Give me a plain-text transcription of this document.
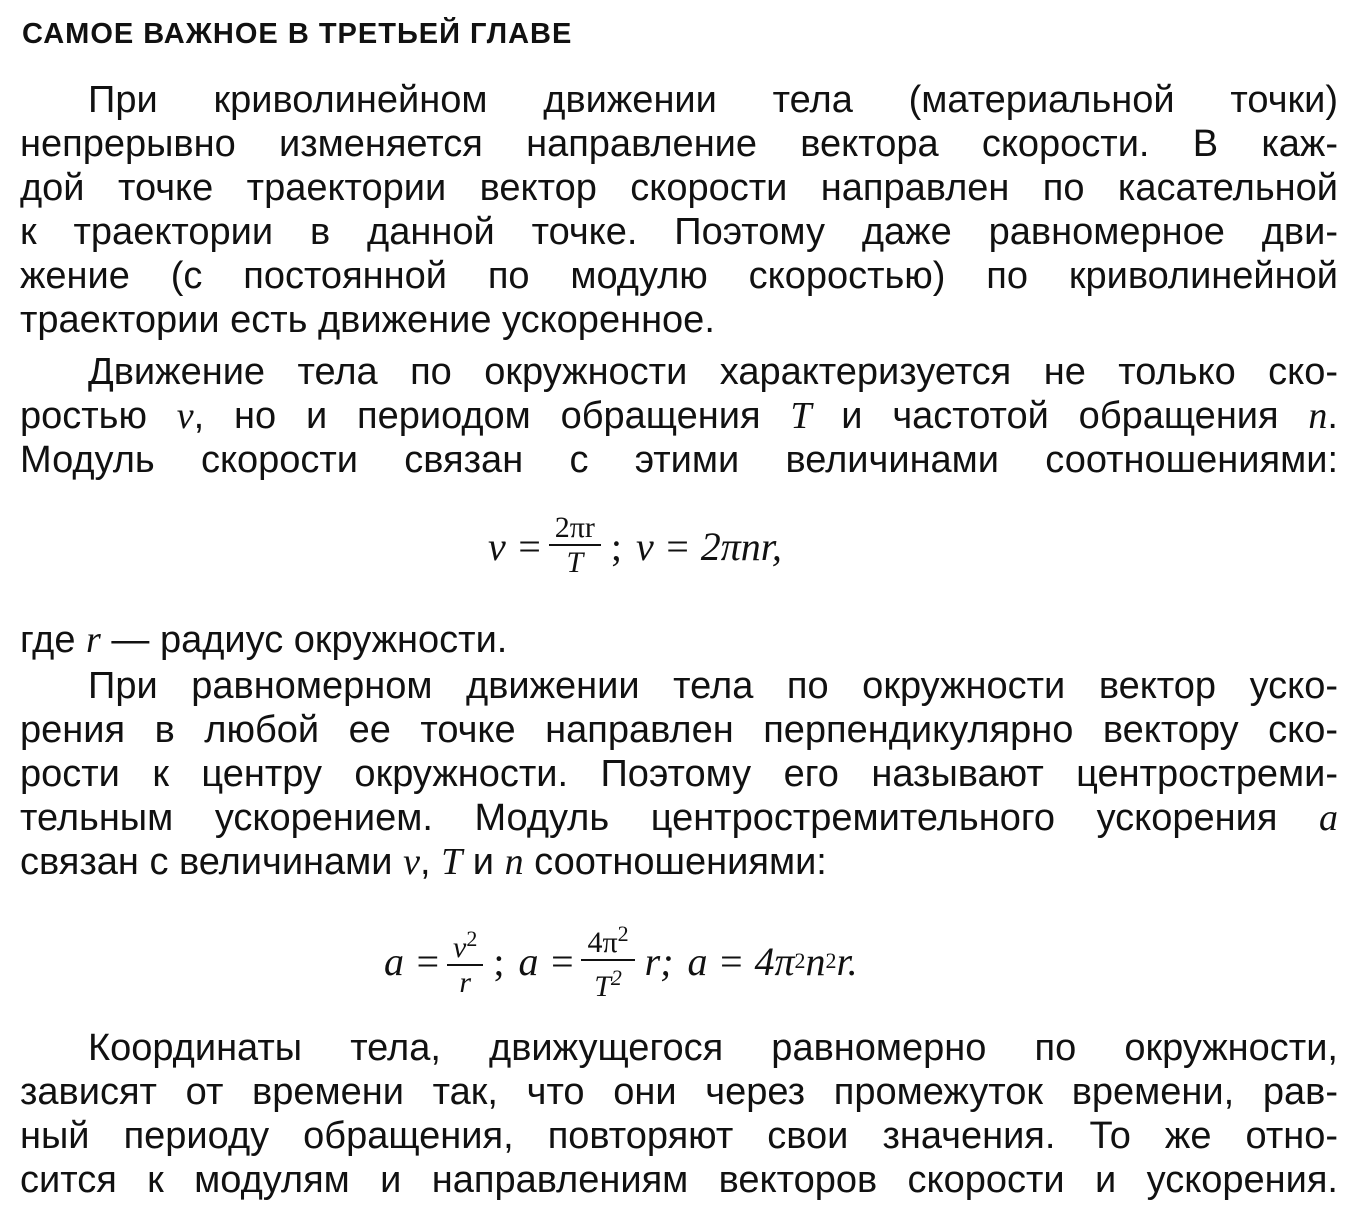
САМОЕ ВАЖНОЕ В ТРЕТЬЕЙ ГЛАВЕ
При криволинейном движении тела (материальной точки)
непрерывно изменяется направление вектора скорости. В каж-
дой точке траектории вектор скорости направлен по касательной
к траектории в данной точке. Поэтому даже равномерное дви-
жение (с постоянной по модулю скоростью) по криволинейной
траектории есть движение ускоренное.
Движение тела по окружности характеризуется не только ско-
ростью v, но и периодом обращения T и частотой обращения n.
Модуль скорости связан с этими величинами соотношениями:
$v = \frac{2\pi r}{T}$ ; v = 2πnr,
где r — радиус окружности.
При равномерном движении тела по окружности вектор уско-
рения в любой ее точке направлен перпендикулярно вектору ско-
рости к центру окружности. Поэтому его называют центростреми-
тельным ускорением. Модуль центростремительного ускорения a
связан с величинами v, T и n соотношениями:
$a = \frac{v^2}{r}$ ; $a = \frac{4\pi^2}{T^2} r$; a = 4π 2 n 2 r.
Координаты тела, движущегося равномерно по окружности,
зависят от времени так, что они через промежуток времени, рав-
ный периоду обращения, повторяют свои значения. То же отно-
сится к модулям и направлениям векторов скорости и ускорения.
